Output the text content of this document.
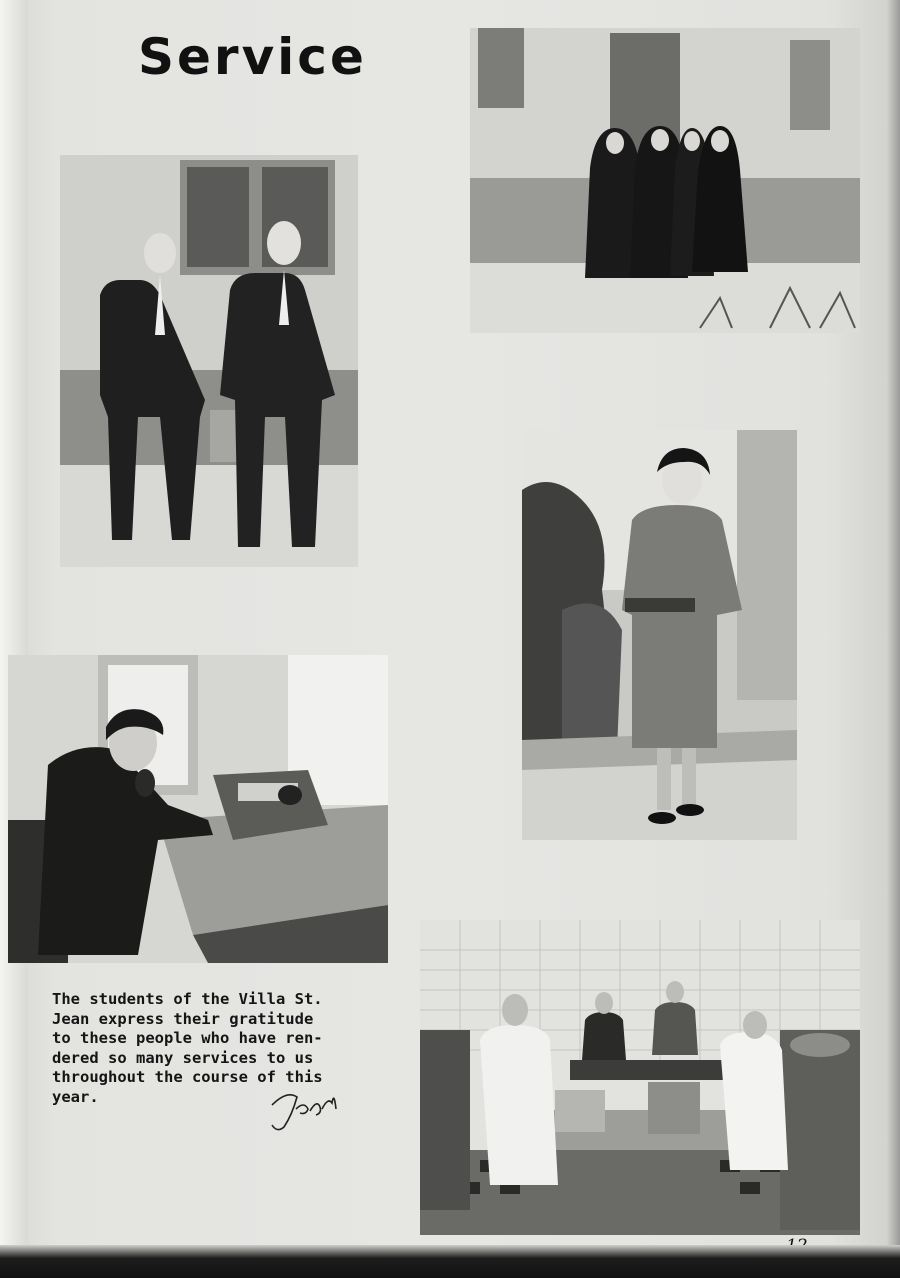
Service
The students of the Villa St.
Jean express their gratitude
to these people who have ren-
dered so many services to us
throughout the course of this
year.
